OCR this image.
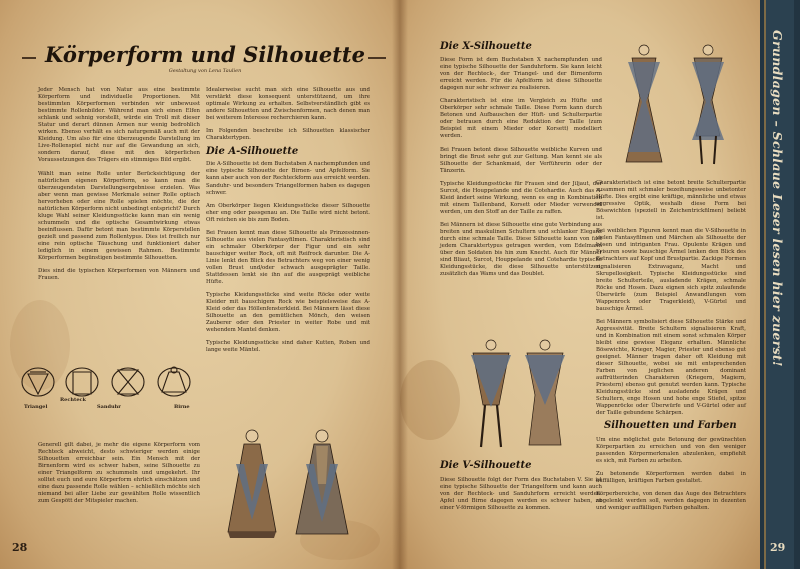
Grundlagen – Schlaue Leser lesen hier zuerst!
Körperform und Silhouette
Gestaltung von Lena Taulien

Jeder Mensch hat von Natur aus eine bestimmte Körperform und individuelle Proportionen. Mit bestimmten Körperformen verbinden wir unbewusst bestimmte Rollenbilder. Während man sich einen Elfen schlank und sehnig vorstellt, würde ein Troll mit dieser Statur und derart dünnen Armen nur wenig bedrohlich wirken. Ebenso verhält es sich naturgemäß auch mit der Kleidung. Um also für eine überzeugende Darstellung im Live-Rollenspiel nicht nur auf die Gewandung an sich, sondern darauf, diese mit den körperlichen Voraussetzungen des Trägers ein stimmiges Bild ergibt.

Wählt man seine Rolle unter Berücksichtigung der natürlichen eigenen Körperform, so kann man die überzeugendsten Darstellungsergebnisse erzielen. Was aber wenn man gewisse Merkmale seiner Rolle optisch hervorheben oder eine Rolle spielen möchte, die der natürlichen Körperform nicht unbedingt entspricht? Durch kluge Wahl seiner Kleidungsstücke kann man ein wenig schummeln und die optische Gesamtwirkung etwas beeinflussen. Dafür betont man bestimmte Körperstellen gezielt und passend zum Rollentypus. Dies ist freilich nur eine rein optische Täuschung und funktioniert daher lediglich in einem gewissen Rahmen. Bestimmte Körperformen begünstigen bestimmte Silhouetten.

Dies sind die typischen Körperformen von Männern und Frauen.

Triangel
Rechteck
Sanduhr	Birne

Generell gilt dabei, je mehr die eigene Körperform vom Rechteck abweicht, desto schwieriger werden einige Silhouetten erreichbar sein. Ein Mensch mit der Birnenform wird es schwer haben, seine Silhouette zu einer Triangelform zu schummeln und umgekehrt. Ihr solltet euch und eure Körperform ehrlich einschätzen und eine dazu passende Rolle wählen – schließlich möchte sich niemand bei aller Liebe zur gewählten Rolle wissentlich zum Gespött der Mitspieler machen.

Idealerweise sucht man sich eine Silhouette aus und verstärkt diese konsequent unterstützend, um ihre optimale Wirkung zu erhalten. Selbstverständlich gibt es andere Silhouetten und Zwischenformen, nach denen man bei weiterem Interesse recherchieren kann.

Im Folgenden beschreibe ich Silhouetten klassischer Charaktertypen.

Die A-Silhouette

Die A-Silhouette ist dem Buchstaben A nachempfunden und eine typische Silhouette der Birnen- und Apfelform. Sie kann aber auch von der Rechteckform aus erreicht werden. Sanduhr- und besonders Triangelformen haben es dagegen schwer.

Am Oberkörper liegen Kleidungsstücke dieser Silhouette eher eng oder passgenau an. Die Taille wird nicht betont. Oft reichen sie bis zum Boden.

Bei Frauen kennt man diese Silhouette als Prinzessinnen-Silhouette aus vielen Fantasyfilmen. Charakteristisch sind ein schmaler Oberkörper der Figur und ein sehr bauschiger weiter Rock, oft mit Reifrock darunter. Die A-Linie lenkt den Blick des Betrachters weg von einer wenig vollen Brust und/oder schwach ausgeprägter Taille. Stattdessen lenkt sie ihn auf die ausgeprägt weibliche Hüfte.

Typische Kleidungsstücke sind weite Röcke oder weite Kleider mit bauschigem Rock wie beispielsweise das A-Kleid oder das Höllenfensterkleid. Bei Männern lässt diese Silhouette an den gemütlichen Mönch, den weisen Zauberer oder den Priester in weiter Robe und mit wehendem Mantel denken.

Typische Kleidungsstücke sind daher Kutten, Roben und lange weite Mäntel.

28
Die X-Silhouette

Diese Form ist dem Buchstaben X nachempfunden und eine typische Silhouette der Sanduhrform. Sie kann leicht von der Rechteck-, der Triangel- und der Birnenform erreicht werden. Für die Apfelform ist diese Silhouette dagegen nur sehr schwer zu realisieren.

Charakteristisch ist eine im Vergleich zu Hüfte und Oberkörper sehr schmale Taille. Diese Form kann durch Betonen und Aufbauschen der Hüft- und Schulterpartie oder betrauen durch eine Reduktion der Taille (zum Beispiel mit einem Mieder oder Korsett) modelliert werden.

Bei Frauen betont diese Silhouette weibliche Kurven und bringt die Brust sehr gut zur Geltung. Man kennt sie als Silhouette der Schankmaid, der Verführerin oder der Tänzerin.

Typische Kleidungsstücke für Frauen sind der Jiljaut, der Surcot, die Houppelande und die Cotehardie. Auch das A-Kleid ändert seine Wirkung, wenn es eng in Kombination mit einem Taillenband, Korsett oder Mieder verwendet werden, um den Stoff an der Taille zu raffen.

Bei Männern ist diese Silhouette eine gute Verbindung aus breiten und maskulinen Schultern und schlanker Eleganz durch eine schmale Taille. Diese Silhouette kann von fast jedem Charaktertypus getragen werden, vom Edelmann über den Soldaten bis hin zum Knecht. Auch für Männer sind Bliaut, Surcot, Houppelande und Cotehardie typische Kleidungsstücke, die diese Silhouette unterstützen, zusätzlich das Wams und das Doublet.

Die V-Silhouette

Diese Silhouette folgt der Form des Buchstaben V. Sie ist eine typische Silhouette der Triangelform und kann auch von der Rechteck- und Sanduhrform erreicht werden. Apfel und Birne dagegen werden es schwer haben, zu einer V-förmigen Silhouette zu kommen.

Charakteristisch ist eine betont breite Schulterpartie zusammen mit schmaler bezeihungsweise unbetonter Hüfte. Dies ergibt eine kräftige, männliche und etwas aggressive Optik, weshalb diese Form bei Bösewichten (speziell in Zeichentrickfilmen) beliebt ist.

Bei weiblichen Figuren kennt man die V-Silhouette in vielen Fantasyfilmen und Märchen als Silhouette der bösen und intriganten Frau. Opulente Krägen und Frisuren sowie bauschige Ärmel lenken den Blick des Betrachters auf Kopf und Brustpartie. Zackige Formen signalisieren Extravaganz, Macht und Skrupellosigkeit. Typische Kleidungsstücke sind breite Schulterteile, ausladende Krägen, schmale Röcke und Hosen. Dazu eignen sich spitz zulaufende Überwürfe (zum Beispiel Anwandlungen vom Wappenrock oder Tragerkleid), V-Gürtel und bauschige Ärmel.

Bei Männern symbolisiert diese Silhouette Stärke und Aggressivität. Breite Schultern signalisieren Kraft, und in Kombination mit einem sonst schmalen Körper bleibt eine gewisse Eleganz erhalten. Männliche Bösewichte, Krieger, Magier, Priester und ebenso gut geeignet. Männer tragen daher oft Kleidung mit dieser Silhouette, wobei sie mit entsprechenden Farben von jeglichen anderen dominant auffrütterinden Charakteren (Kriegern, Magiern, Priestern) ebenso gut genutzt werden kann. Typische Kleidungsstücke sind ausladende Krägen und Schultern, enge Hosen und hohe enge Stiefel, spitze Wappenröcke oder Überwürfe und V-Gürtel oder auf der Taille gebundene Schärpen.

Silhouetten und Farben

Um eine möglichst gute Betonung der gewünschten Körperpartien zu erreichen und von den weniger passenden Körpermerkmalen abzulenken, empfiehlt es sich, mit Farben zu arbeiten.

Zu betonende Körperformen werden dabei in auffälligen, kräftigen Farben gestaltet.

Körperbereiche, von denen das Auge des Betrachters abgelenkt werden soll, werden dagegen in dezenten und weniger auffälligen Farben gehalten.

29
